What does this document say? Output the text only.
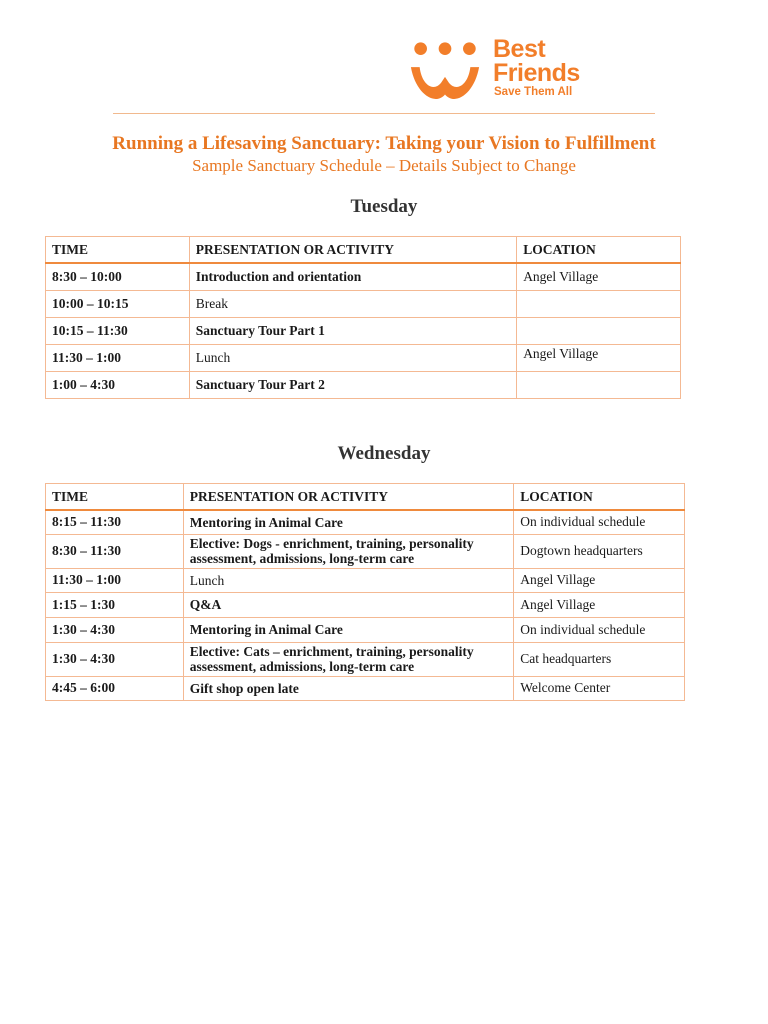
Best
Friends
Save Them All
Running a Lifesaving Sanctuary: Taking your Vision to Fulfillment
Sample Sanctuary Schedule – Details Subject to Change
Tuesday
TIME	PRESENTATION OR ACTIVITY	LOCATION
8:30 – 10:00	Introduction and orientation	Angel Village
10:00 – 10:15	Break	
10:15 – 11:30	Sanctuary Tour Part 1	
11:30 – 1:00	Lunch	Angel Village
1:00 – 4:30	Sanctuary Tour Part 2	
Wednesday
TIME	PRESENTATION OR ACTIVITY	LOCATION
8:15 – 11:30	Mentoring in Animal Care	On individual schedule
8:30 – 11:30	Elective: Dogs - enrichment, training, personality assessment, admissions, long-term care	Dogtown headquarters
11:30 – 1:00	Lunch	Angel Village
1:15 – 1:30	Q&A	Angel Village
1:30 – 4:30	Mentoring in Animal Care	On individual schedule
1:30 – 4:30	Elective: Cats – enrichment, training, personality assessment, admissions, long-term care	Cat headquarters
4:45 – 6:00	Gift shop open late	Welcome Center
